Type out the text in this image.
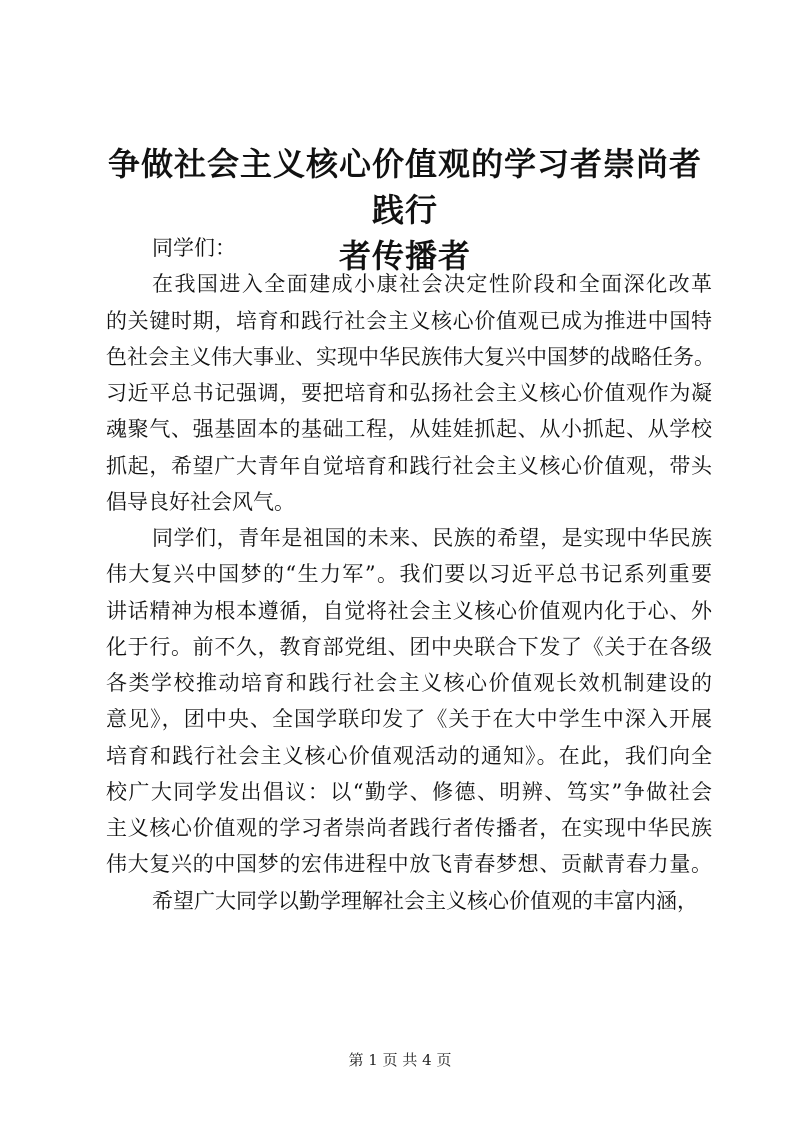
争做社会主义核心价值观的学习者崇尚者践行
者传播者
同学们：
在我国进入全面建成小康社会决定性阶段和全面深化改革
的关键时期，培育和践行社会主义核心价值观已成为推进中国特
色社会主义伟大事业、实现中华民族伟大复兴中国梦的战略任务。
习近平总书记强调，要把培育和弘扬社会主义核心价值观作为凝
魂聚气、强基固本的基础工程，从娃娃抓起、从小抓起、从学校
抓起，希望广大青年自觉培育和践行社会主义核心价值观，带头
倡导良好社会风气。
同学们，青年是祖国的未来、民族的希望，是实现中华民族
伟大复兴中国梦的“生力军”。我们要以习近平总书记系列重要
讲话精神为根本遵循，自觉将社会主义核心价值观内化于心、外
化于行。前不久，教育部党组、团中央联合下发了《关于在各级
各类学校推动培育和践行社会主义核心价值观长效机制建设的
意见》，团中央、全国学联印发了《关于在大中学生中深入开展
培育和践行社会主义核心价值观活动的通知》。在此，我们向全
校广大同学发出倡议：以“勤学、修德、明辨、笃实”争做社会
主义核心价值观的学习者崇尚者践行者传播者，在实现中华民族
伟大复兴的中国梦的宏伟进程中放飞青春梦想、贡献青春力量。
希望广大同学以勤学理解社会主义核心价值观的丰富内涵，
第 1 页 共 4 页
